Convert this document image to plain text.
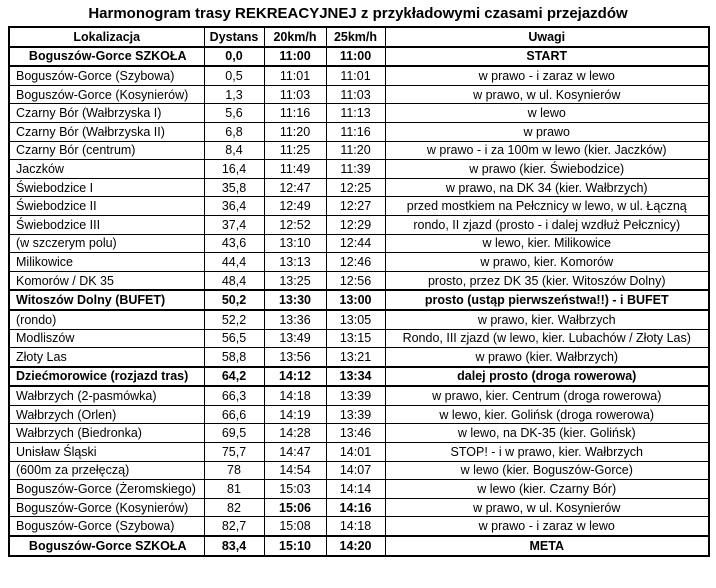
Harmonogram trasy REKREACYJNEJ z przykładowymi czasami przejazdów
Lokalizacja	Dystans	20km/h	25km/h	Uwagi
Boguszów-Gorce SZKOŁA	0,0	11:00	11:00	START
Boguszów-Gorce (Szybowa)	0,5	11:01	11:01	w prawo - i zaraz w lewo
Boguszów-Gorce (Kosynierów)	1,3	11:03	11:03	w prawo, w ul. Kosynierów
Czarny Bór (Wałbrzyska I)	5,6	11:16	11:13	w lewo
Czarny Bór (Wałbrzyska II)	6,8	11:20	11:16	w prawo
Czarny Bór (centrum)	8,4	11:25	11:20	w prawo - i za 100m w lewo (kier. Jaczków)
Jaczków	16,4	11:49	11:39	w prawo (kier. Świebodzice)
Świebodzice I	35,8	12:47	12:25	w prawo, na DK 34 (kier. Wałbrzych)
Świebodzice II	36,4	12:49	12:27	przed mostkiem na Pełcznicy w lewo, w ul. Łączną
Świebodzice III	37,4	12:52	12:29	rondo, II zjazd (prosto - i dalej wzdłuż Pełcznicy)
(w szczerym polu)	43,6	13:10	12:44	w lewo, kier. Milikowice
Milikowice	44,4	13:13	12:46	w prawo, kier. Komorów
Komorów / DK 35	48,4	13:25	12:56	prosto, przez DK 35 (kier. Witoszów Dolny)
Witoszów Dolny (BUFET)	50,2	13:30	13:00	prosto (ustąp pierwszeństwa!!) - i BUFET
(rondo)	52,2	13:36	13:05	w prawo, kier. Wałbrzych
Modliszów	56,5	13:49	13:15	Rondo, III zjazd (w lewo, kier. Lubachów / Złoty Las)
Złoty Las	58,8	13:56	13:21	w prawo (kier. Wałbrzych)
Dziećmorowice (rozjazd tras)	64,2	14:12	13:34	dalej prosto (droga rowerowa)
Wałbrzych (2-pasmówka)	66,3	14:18	13:39	w prawo, kier. Centrum (droga rowerowa)
Wałbrzych (Orlen)	66,6	14:19	13:39	w lewo, kier. Golińsk (droga rowerowa)
Wałbrzych (Biedronka)	69,5	14:28	13:46	w lewo, na DK-35 (kier. Golińsk)
Unisław Śląski	75,7	14:47	14:01	STOP! - i w prawo, kier. Wałbrzych
(600m za przełęczą)	78	14:54	14:07	w lewo (kier. Boguszów-Gorce)
Boguszów-Gorce (Żeromskiego)	81	15:03	14:14	w lewo (kier. Czarny Bór)
Boguszów-Gorce (Kosynierów)	82	15:06	14:16	w prawo, w ul. Kosynierów
Boguszów-Gorce (Szybowa)	82,7	15:08	14:18	w prawo - i zaraz w lewo
Boguszów-Gorce SZKOŁA	83,4	15:10	14:20	META
